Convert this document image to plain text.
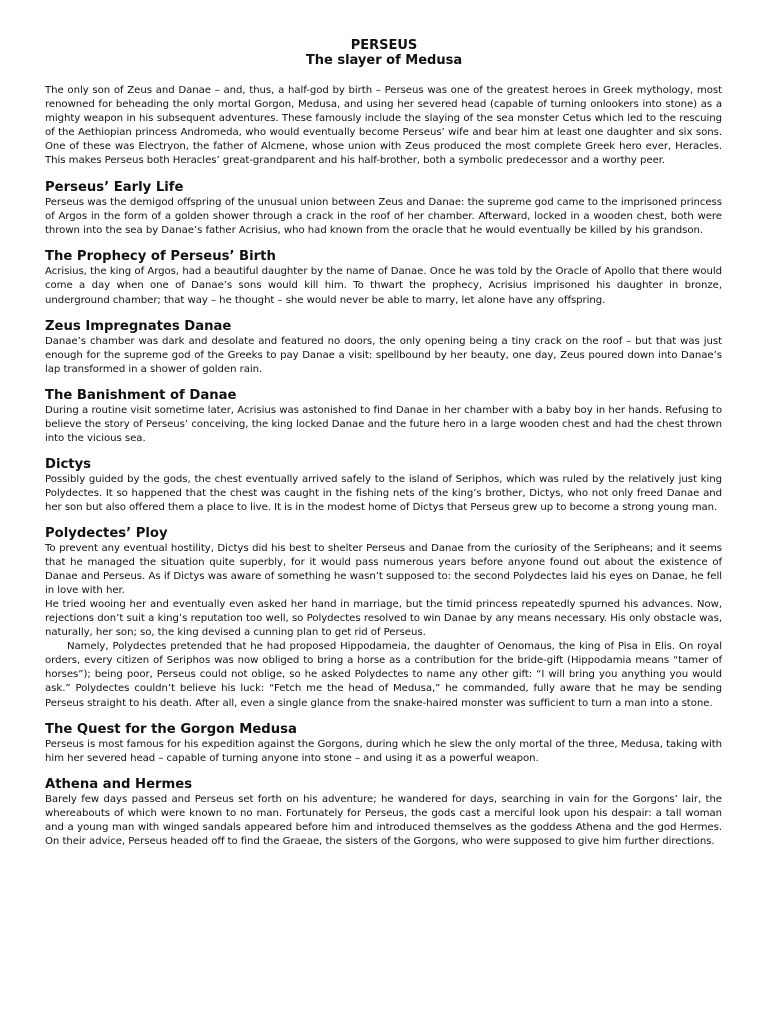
PERSEUS
The slayer of Medusa

The only son of Zeus and Danae – and, thus, a half-god by birth – Perseus was one of the greatest heroes in Greek mythology, most renowned for beheading the only mortal Gorgon, Medusa, and using her severed head (capable of turning onlookers into stone) as a mighty weapon in his subsequent adventures. These famously include the slaying of the sea monster Cetus which led to the rescuing of the Aethiopian princess Andromeda, who would eventually become Perseus’ wife and bear him at least one daughter and six sons. One of these was Electryon, the father of Alcmene, whose union with Zeus produced the most complete Greek hero ever, Heracles. This makes Perseus both Heracles’ great-grandparent and his half-brother, both a symbolic predecessor and a worthy peer.

Perseus’ Early Life

Perseus was the demigod offspring of the unusual union between Zeus and Danae: the supreme god came to the imprisoned princess of Argos in the form of a golden shower through a crack in the roof of her chamber. Afterward, locked in a wooden chest, both were thrown into the sea by Danae’s father Acrisius, who had known from the oracle that he would eventually be killed by his grandson.

The Prophecy of Perseus’ Birth

Acrisius, the king of Argos, had a beautiful daughter by the name of Danae. Once he was told by the Oracle of Apollo that there would come a day when one of Danae’s sons would kill him. To thwart the prophecy, Acrisius imprisoned his daughter in bronze, underground chamber; that way – he thought – she would never be able to marry, let alone have any offspring.

Zeus Impregnates Danae

Danae’s chamber was dark and desolate and featured no doors, the only opening being a tiny crack on the roof – but that was just enough for the supreme god of the Greeks to pay Danae a visit: spellbound by her beauty, one day, Zeus poured down into Danae’s lap transformed in a shower of golden rain.

The Banishment of Danae

During a routine visit sometime later, Acrisius was astonished to find Danae in her chamber with a baby boy in her hands. Refusing to believe the story of Perseus’ conceiving, the king locked Danae and the future hero in a large wooden chest and had the chest thrown into the vicious sea.

Dictys

Possibly guided by the gods, the chest eventually arrived safely to the island of Seriphos, which was ruled by the relatively just king Polydectes. It so happened that the chest was caught in the fishing nets of the king’s brother, Dictys, who not only freed Danae and her son but also offered them a place to live. It is in the modest home of Dictys that Perseus grew up to become a strong young man.

Polydectes’ Ploy

To prevent any eventual hostility, Dictys did his best to shelter Perseus and Danae from the curiosity of the Seripheans; and it seems that he managed the situation quite superbly, for it would pass numerous years before anyone found out about the existence of Danae and Perseus. As if Dictys was aware of something he wasn’t supposed to: the second Polydectes laid his eyes on Danae, he fell in love with her.

He tried wooing her and eventually even asked her hand in marriage, but the timid princess repeatedly spurned his advances. Now, rejections don’t suit a king’s reputation too well, so Polydectes resolved to win Danae by any means necessary. His only obstacle was, naturally, her son; so, the king devised a cunning plan to get rid of Perseus.

Namely, Polydectes pretended that he had proposed Hippodameia, the daughter of Oenomaus, the king of Pisa in Elis. On royal orders, every citizen of Seriphos was now obliged to bring a horse as a contribution for the bride-gift (Hippodamia means “tamer of horses”); being poor, Perseus could not oblige, so he asked Polydectes to name any other gift: “I will bring you anything you would ask.” Polydectes couldn’t believe his luck: “Fetch me the head of Medusa,” he commanded, fully aware that he may be sending Perseus straight to his death. After all, even a single glance from the snake-haired monster was sufficient to turn a man into a stone.

The Quest for the Gorgon Medusa

Perseus is most famous for his expedition against the Gorgons, during which he slew the only mortal of the three, Medusa, taking with him her severed head – capable of turning anyone into stone – and using it as a powerful weapon.

Athena and Hermes

Barely few days passed and Perseus set forth on his adventure; he wandered for days, searching in vain for the Gorgons’ lair, the whereabouts of which were known to no man. Fortunately for Perseus, the gods cast a merciful look upon his despair: a tall woman and a young man with winged sandals appeared before him and introduced themselves as the goddess Athena and the god Hermes. On their advice, Perseus headed off to find the Graeae, the sisters of the Gorgons, who were supposed to give him further directions.
